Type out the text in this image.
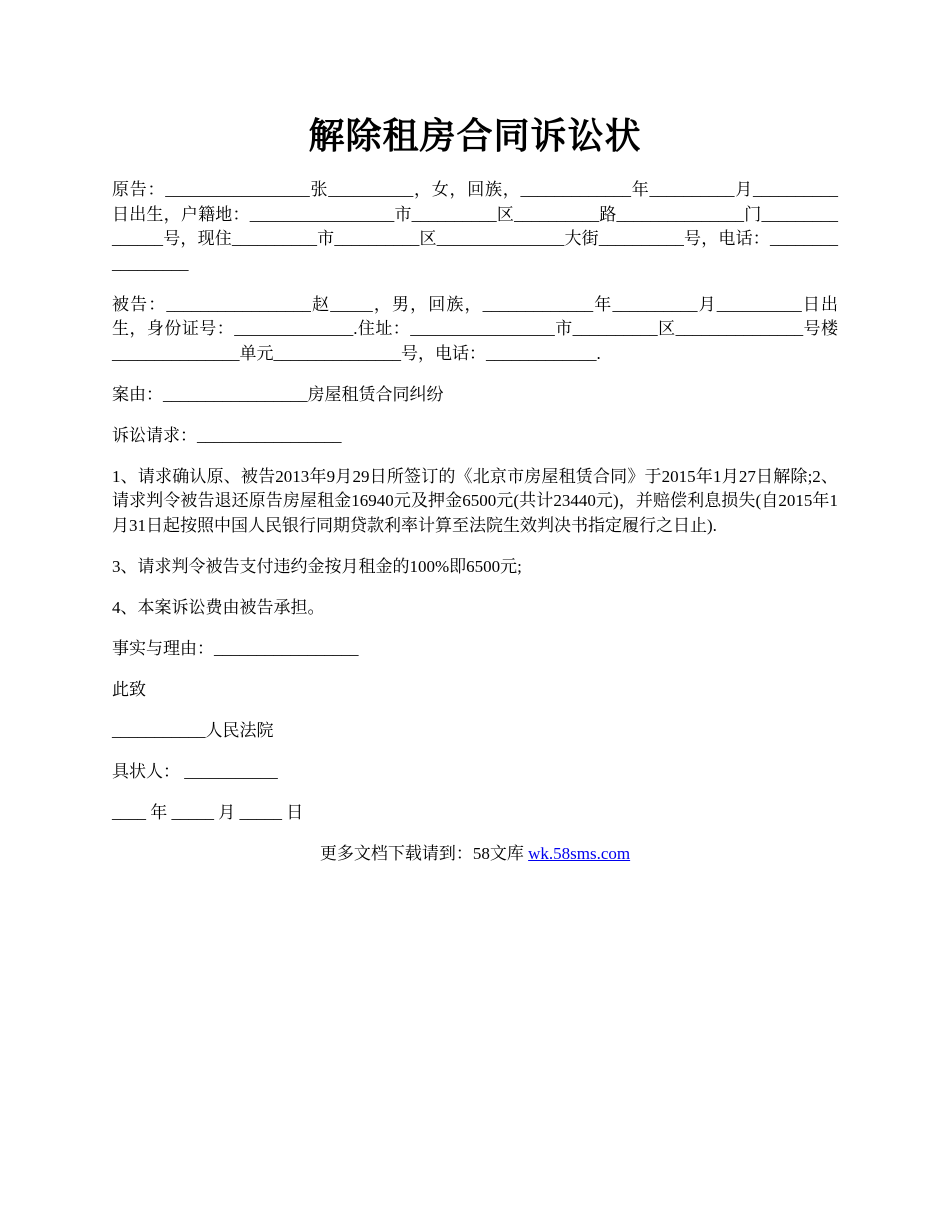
解除租房合同诉讼状

原告：_________________张__________，女，回族，_____________年__________月__________日出生，户籍地：_________________市__________区__________路_______________门_______________号，现住__________市__________区_______________大街__________号，电话：_________________

被告：_________________赵_____，男，回族，_____________年__________月__________日出生，身份证号：______________.住址：_________________市__________区_______________号楼_______________单元_______________号，电话：_____________.

案由：_________________房屋租赁合同纠纷

诉讼请求：_________________

1、请求确认原、被告2013年9月29日所签订的《北京市房屋租赁合同》于2015年1月27日解除;2、请求判令被告退还原告房屋租金16940元及押金6500元(共计23440元)，并赔偿利息损失(自2015年1月31日起按照中国人民银行同期贷款利率计算至法院生效判决书指定履行之日止).

3、请求判令被告支付违约金按月租金的100%即6500元;

4、本案诉讼费由被告承担。

事实与理由：_________________

此致

___________人民法院

具状人： ___________

____ 年 _____ 月 _____ 日

更多文档下载请到：58文库 wk.58sms.com
